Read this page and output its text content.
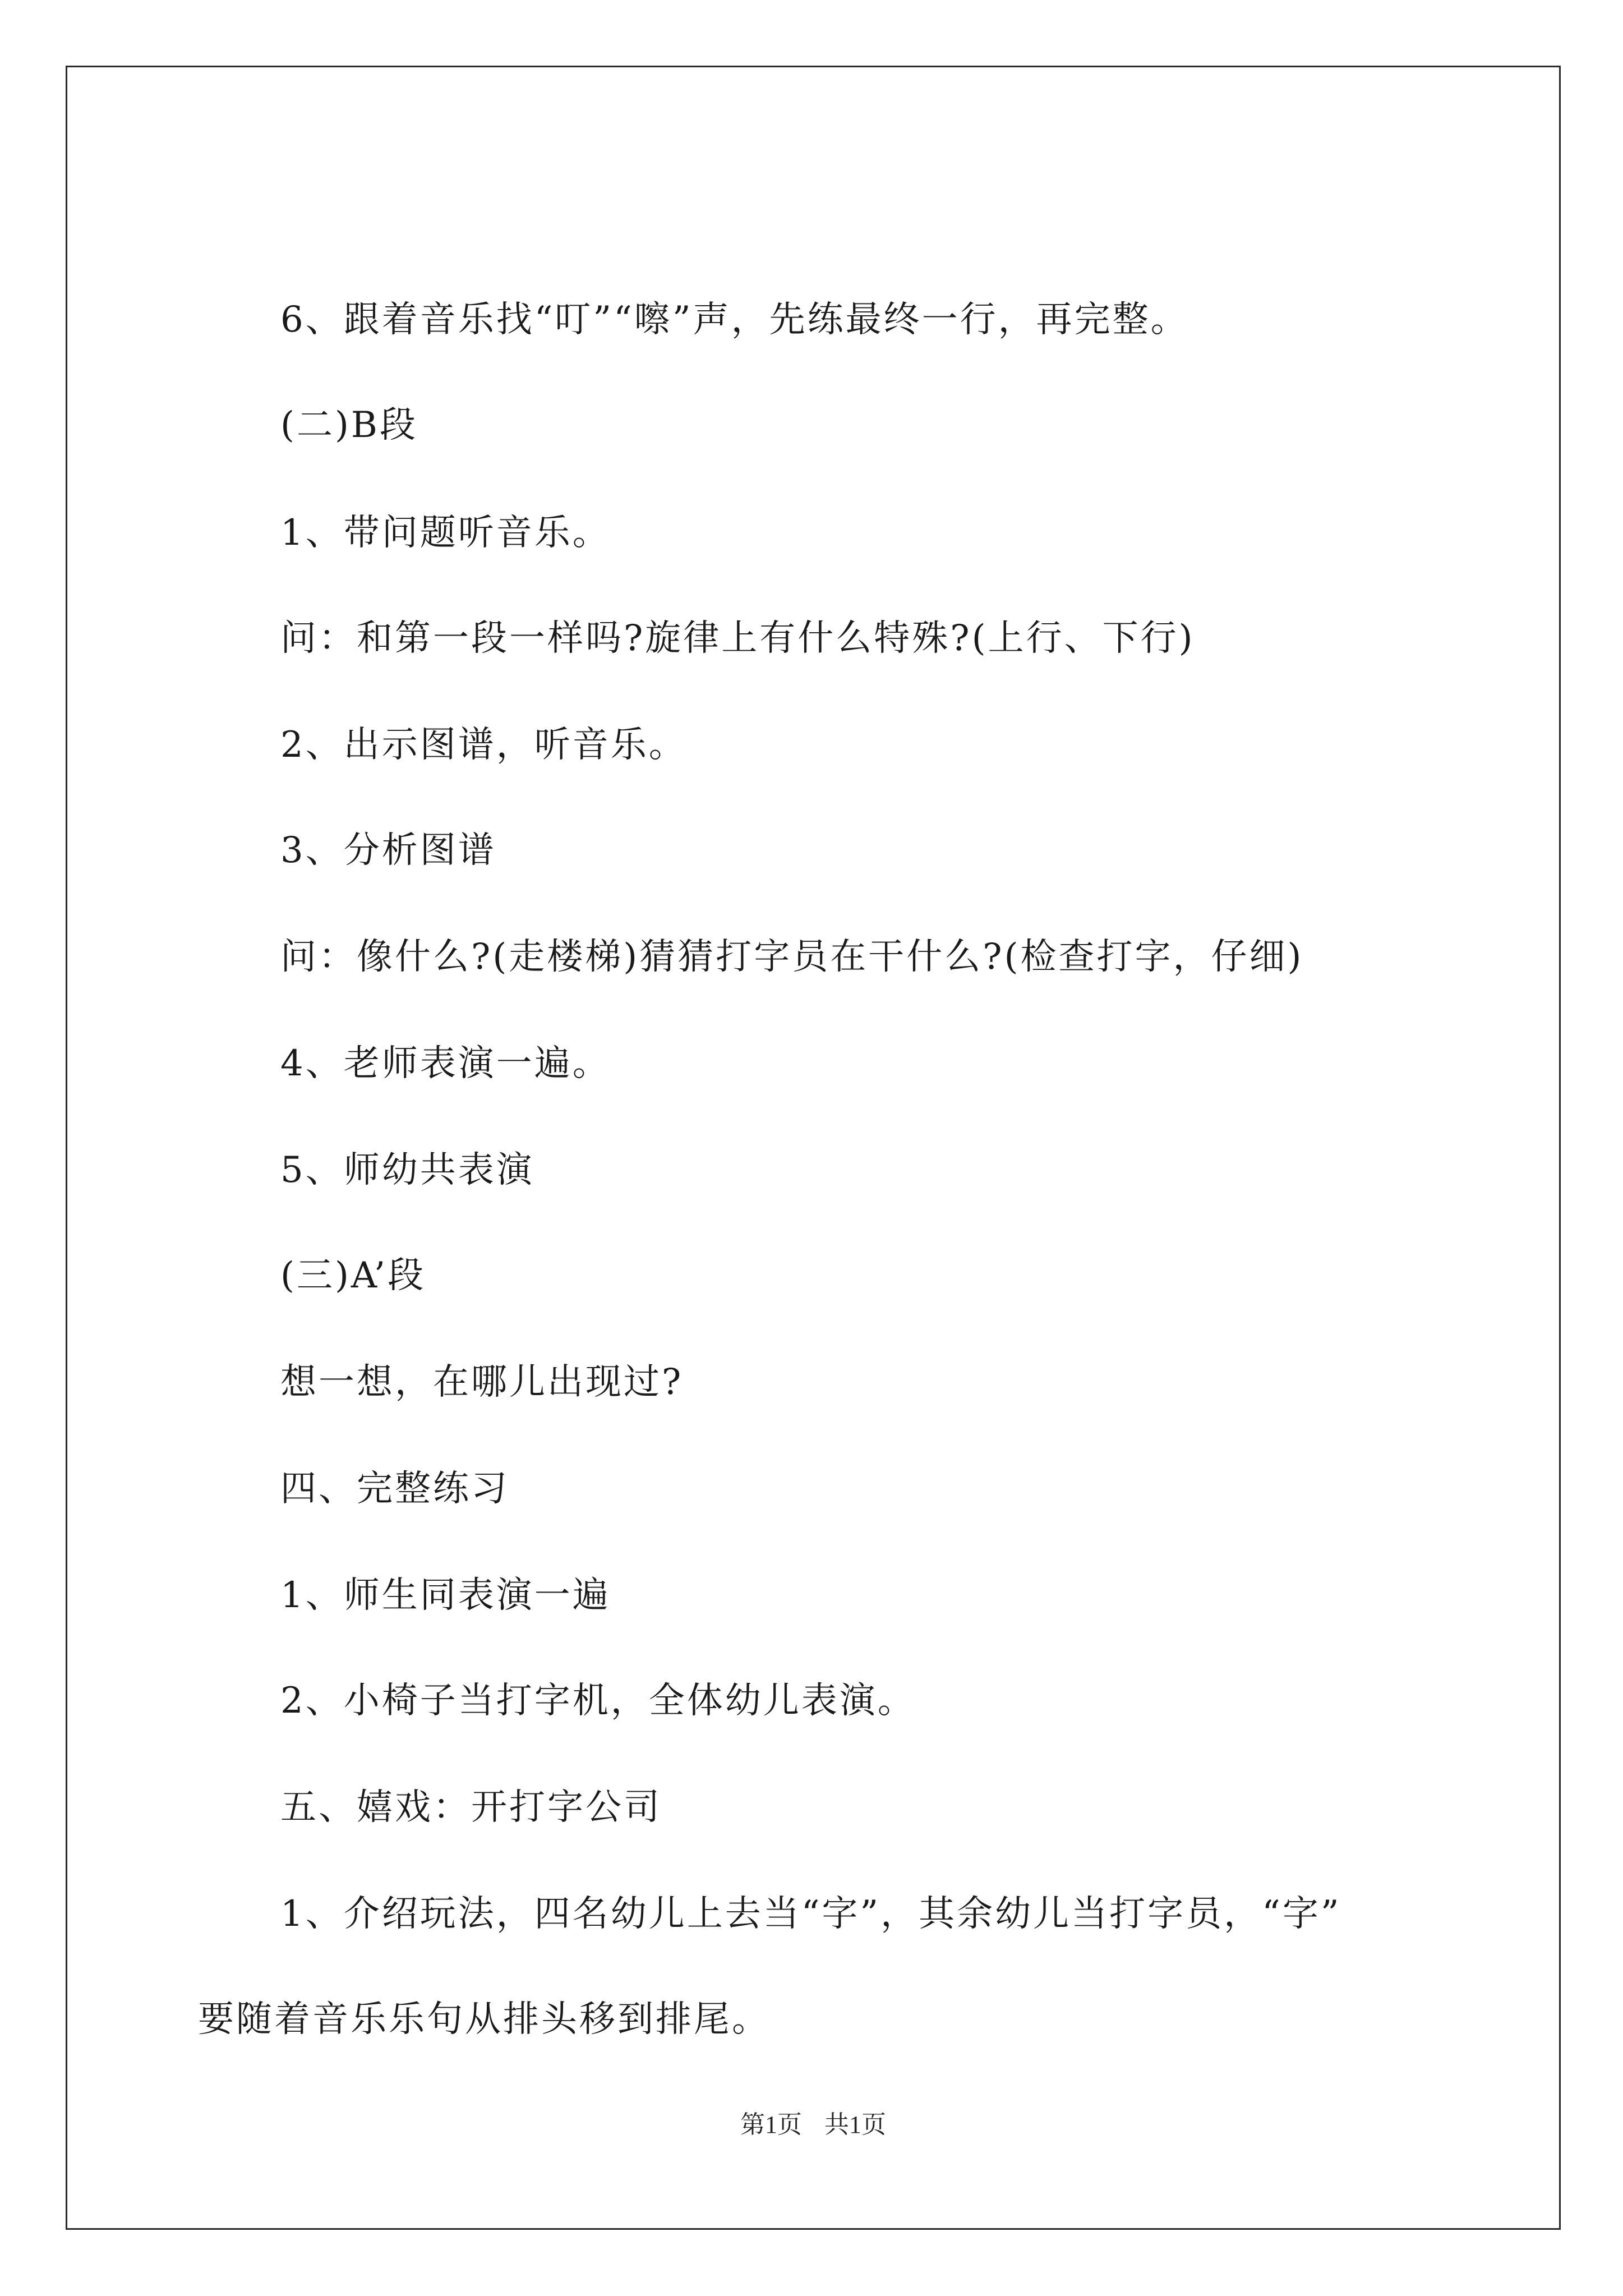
6、跟着音乐找“叮”“嚓”声，先练最终一行，再完整。
(二)B段
1、带问题听音乐。
问：和第一段一样吗?旋律上有什么特殊?(上行、下行)
2、出示图谱，听音乐。
3、分析图谱
问：像什么?(走楼梯)猜猜打字员在干什么?(检查打字，仔细)
4、老师表演一遍。
5、师幼共表演
(三)A’段
想一想，在哪儿出现过?
四、完整练习
1、师生同表演一遍
2、小椅子当打字机，全体幼儿表演。
五、嬉戏：开打字公司
1、介绍玩法，四名幼儿上去当“字”，其余幼儿当打字员，“字”
要随着音乐乐句从排头移到排尾。
第1页 共1页
